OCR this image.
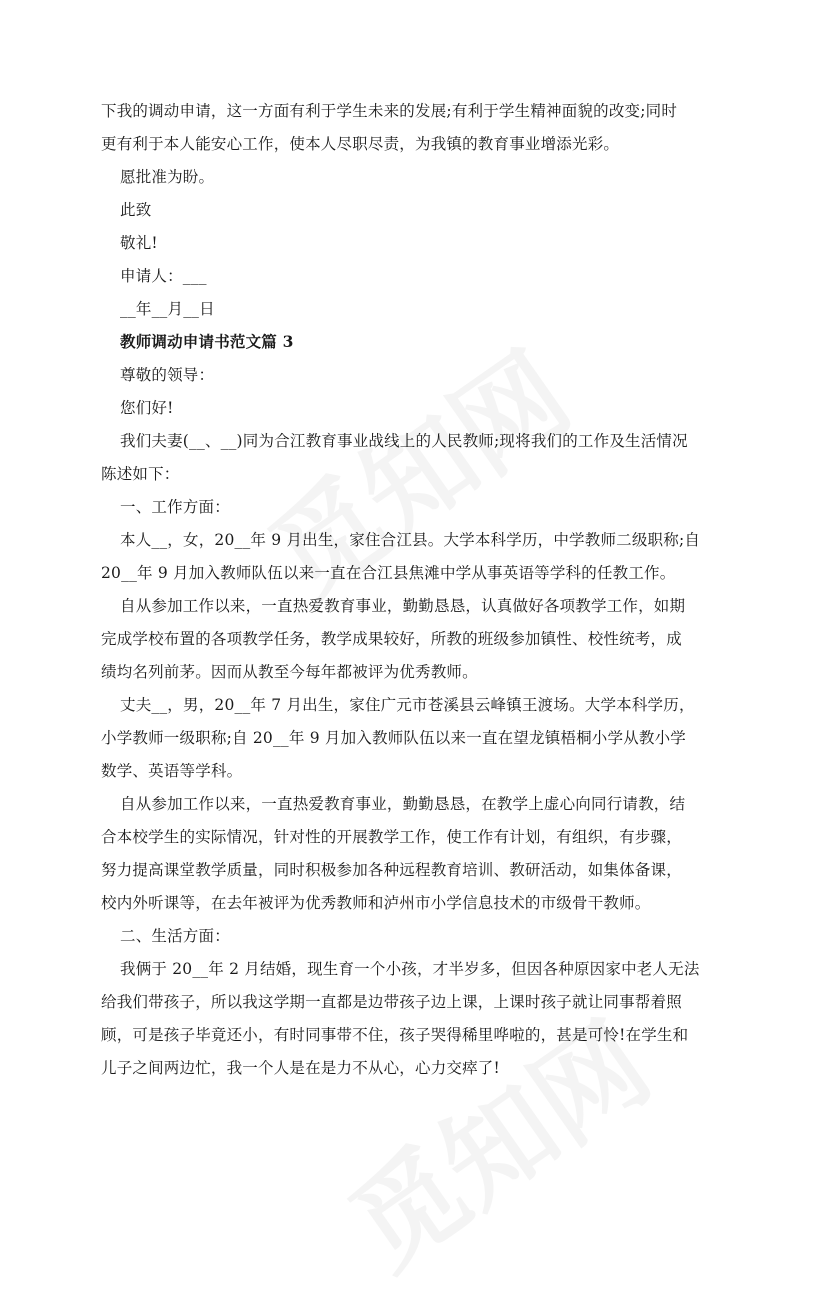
下我的调动申请，这一方面有利于学生未来的发展;有利于学生精神面貌的改变;同时
更有利于本人能安心工作，使本人尽职尽责，为我镇的教育事业增添光彩。
愿批准为盼。
此致
敬礼!
申请人：___
__年__月__日
教师调动申请书范文篇 3
尊敬的领导：
您们好!
我们夫妻(__、__)同为合江教育事业战线上的人民教师;现将我们的工作及生活情况
陈述如下：
一、工作方面：
本人__，女，20__年 9 月出生，家住合江县。大学本科学历，中学教师二级职称;自
20__年 9 月加入教师队伍以来一直在合江县焦滩中学从事英语等学科的任教工作。
自从参加工作以来，一直热爱教育事业，勤勤恳恳，认真做好各项教学工作，如期
完成学校布置的各项教学任务，教学成果较好，所教的班级参加镇性、校性统考，成
绩均名列前茅。因而从教至今每年都被评为优秀教师。
丈夫__，男，20__年 7 月出生，家住广元市苍溪县云峰镇王渡场。大学本科学历，
小学教师一级职称;自 20__年 9 月加入教师队伍以来一直在望龙镇梧桐小学从教小学
数学、英语等学科。
自从参加工作以来，一直热爱教育事业，勤勤恳恳，在教学上虚心向同行请教，结
合本校学生的实际情况，针对性的开展教学工作，使工作有计划，有组织，有步骤，
努力提高课堂教学质量，同时积极参加各种远程教育培训、教研活动，如集体备课，
校内外听课等，在去年被评为优秀教师和泸州市小学信息技术的市级骨干教师。
二、生活方面：
我俩于 20__年 2 月结婚，现生育一个小孩，才半岁多，但因各种原因家中老人无法
给我们带孩子，所以我这学期一直都是边带孩子边上课，上课时孩子就让同事帮着照
顾，可是孩子毕竟还小，有时同事带不住，孩子哭得稀里哗啦的，甚是可怜!在学生和
儿子之间两边忙，我一个人是在是力不从心，心力交瘁了!
